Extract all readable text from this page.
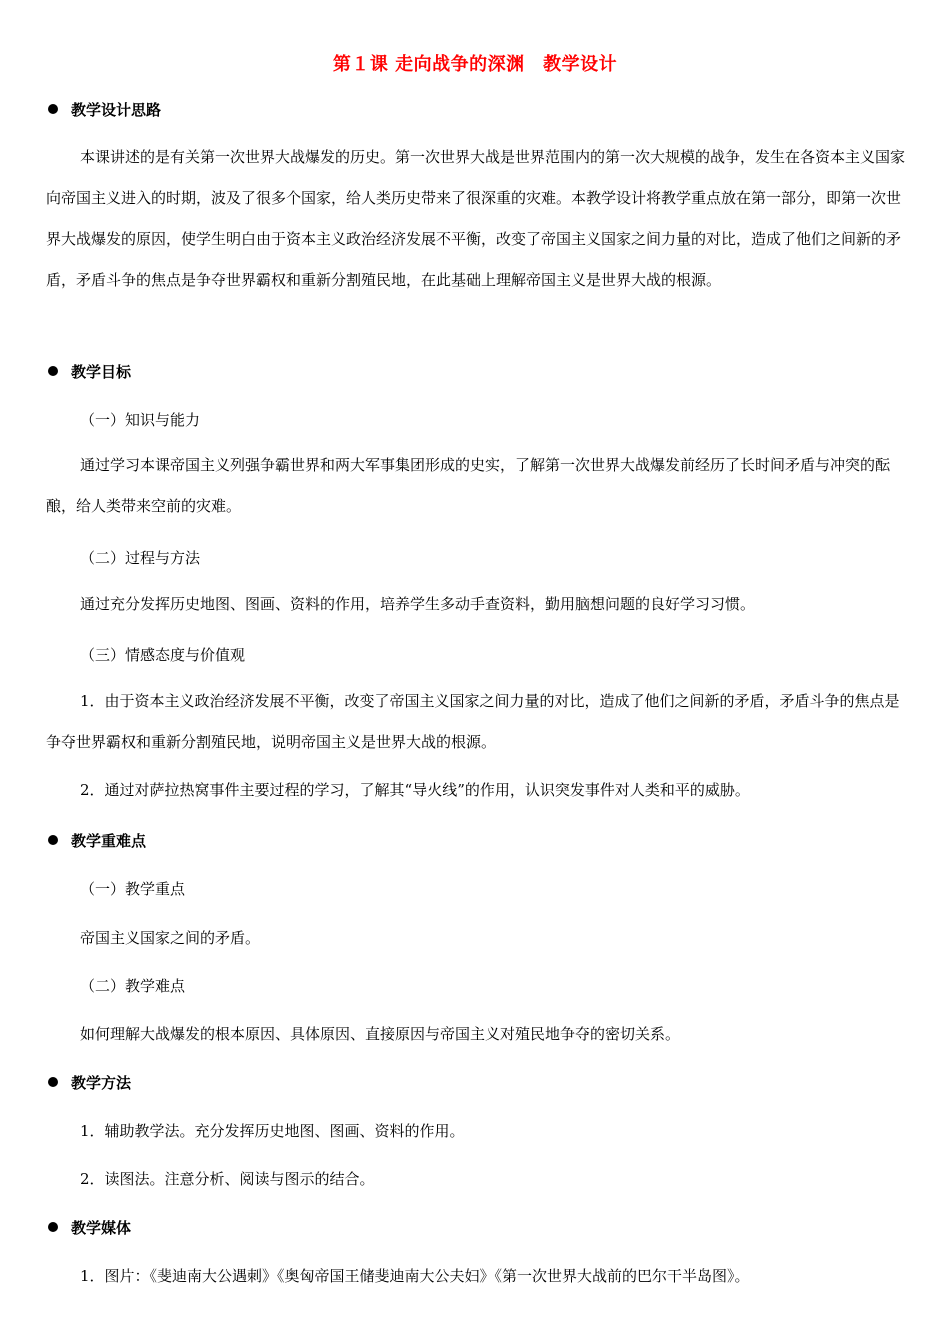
第１课 走向战争的深渊　教学设计
教学设计思路
本课讲述的是有关第一次世界大战爆发的历史。第一次世界大战是世界范围内的第一次大规模的战争，发生在各资本主义国家向帝国主义进入的时期，波及了很多个国家，给人类历史带来了很深重的灾难。本教学设计将教学重点放在第一部分，即第一次世界大战爆发的原因，使学生明白由于资本主义政治经济发展不平衡，改变了帝国主义国家之间力量的对比，造成了他们之间新的矛盾，矛盾斗争的焦点是争夺世界霸权和重新分割殖民地，在此基础上理解帝国主义是世界大战的根源。
教学目标
（一）知识与能力
通过学习本课帝国主义列强争霸世界和两大军事集团形成的史实，了解第一次世界大战爆发前经历了长时间矛盾与冲突的酝酿，给人类带来空前的灾难。
（二）过程与方法
通过充分发挥历史地图、图画、资料的作用，培养学生多动手查资料，勤用脑想问题的良好学习习惯。
（三）情感态度与价值观
1．由于资本主义政治经济发展不平衡，改变了帝国主义国家之间力量的对比，造成了他们之间新的矛盾，矛盾斗争的焦点是争夺世界霸权和重新分割殖民地，说明帝国主义是世界大战的根源。
2．通过对萨拉热窝事件主要过程的学习，了解其“导火线”的作用，认识突发事件对人类和平的威胁。
教学重难点
（一）教学重点
帝国主义国家之间的矛盾。
（二）教学难点
如何理解大战爆发的根本原因、具体原因、直接原因与帝国主义对殖民地争夺的密切关系。
教学方法
1．辅助教学法。充分发挥历史地图、图画、资料的作用。
2．读图法。注意分析、阅读与图示的结合。
教学媒体
1．图片：《斐迪南大公遇刺》《奥匈帝国王储斐迪南大公夫妇》《第一次世界大战前的巴尔干半岛图》。
